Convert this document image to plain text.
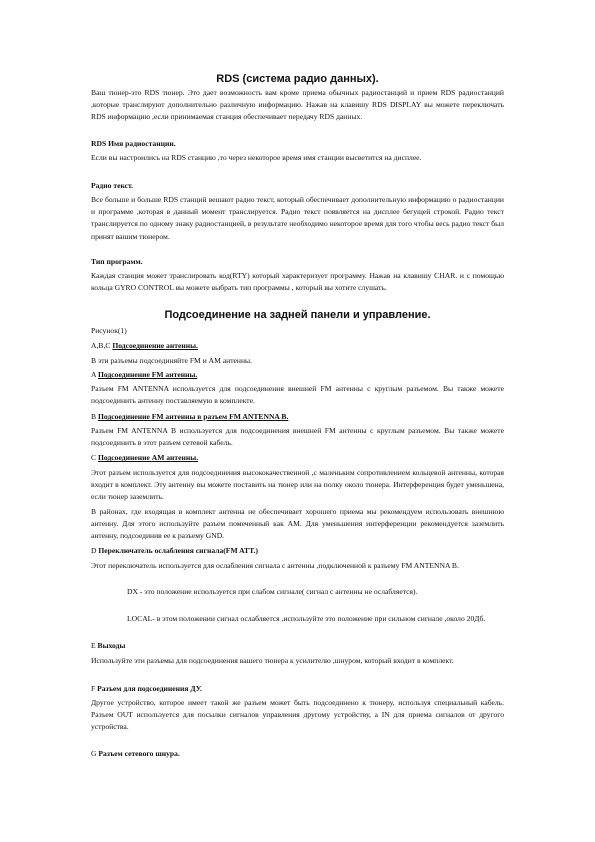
RDS (система радио данных).
Ваш тюнер-это RDS тюнер. Это дает возможность вам кроме приема обычных радиостанций и прием RDS радиостанций ,которые транслируют дополнительно различную информацию. Нажав на клавишу RDS DISPLAY вы можете переключать RDS информацию ,если принимаемая станция обеспечивает передачу RDS данных.
RDS Имя радиостанции.
Если вы настроились на RDS станцию ,то через некоторое время имя станции высветится на дисплее.
Радио текст.
Все больше и больше RDS станций вешают радио текст, который обеспечивает дополнительную информацию о радиостанции и программе ,которая в данный момент транслируется. Радио текст появляется на дисплее бегущей строкой. Радио текст транслируется по одному знаку радиостанцией, в результате необходимо некоторое время для того чтобы весь радио текст был принят вашим тюнером.
Тип программ.
Каждая станция может транслировать код(RTY) который характеризует программу. Нажав на клавишу CHAR. и с помощью кольца GYRO CONTROL вы можете выбрать тип программы , который вы хотите слушать.
Подсоединение на задней панели и управление.
Рисунок(1)
A,B,C Подсоединение антенны.
В эти разъемы подсоединяйте FM и AM антенны.
A Подсоединение FM антенны.
Разъем FM ANTENNA используется для подсоединения внешней FM антенны с круглым разъемом. Вы также можете подсоединить антенну поставляемую в комплекте.
B Подсоединение FM антенны в разъем FM ANTENNA B.
Разъем FM ANTENNA B используется для подсоединения внешней FM антенны с круглым разъемом. Вы также можете подсоединить в этот разъем сетевой кабель.
C Подсоединение AM антенны.
Этот разъем используется для подсоединения высококачественной ,с маленьким сопротивлением кольцевой антенны, которая входит в комплект. Эту антенну вы можете поставить на тюнер или на полку около тюнера. Интерференция будет уменьшена, если тюнер заземлить.
В районах, где входящая в комплект антенна не обеспечивает хорошего приема мы рекомендуем использовать внешнюю антенну. Для этого используйте разъем помеченный как AM. Для уменьшения интерференции рекомендуется заземлить антенну, подсоединив ее к разъему GND.
D Переключатель ослабления сигнала(FM ATT.)
Этот переключатель используется для ослабления сигнала с антенны ,подключенной к разъему FM ANTENNA B.
DX - это положение используется при слабом сигнале( сигнал с антенны не ослабляется).
LOCAL- в этом положении сигнал ослабляется ,используйте это положение при сильном сигнале ,около 20Дб.
E Выходы
Используйте эти разъемы для подсоединения вашего тюнера к усилителю ,шнуром, который входит в комплект.
F Разъем для подсоединения ДУ.
Другое устройство, которое имеет такой же разъем может быть подсоединено к тюнеру, используя специальный кабель. Разъем OUT используется для посылки сигналов управления другому устройству, а IN для приема сигналов от другого устройства.
G Разъем сетевого шнура.
